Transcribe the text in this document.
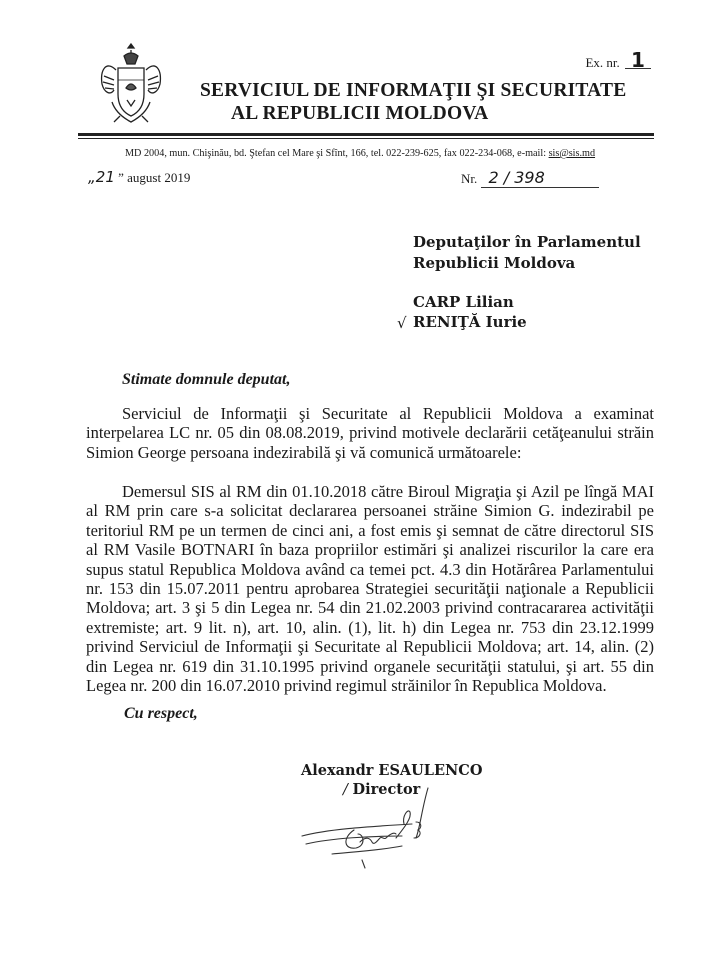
Ex. nr. 1
SERVICIUL DE INFORMAŢII ŞI SECURITATE
AL REPUBLICII MOLDOVA
MD 2004, mun. Chişinău, bd. Ştefan cel Mare şi Sfînt, 166, tel. 022-239-625, fax 022-234-068, e-mail: sis@sis.md
„21 ” august 2019	Nr. 2 / 398
Deputaţilor în Parlamentul
Republicii Moldova
CARP Lilian
√ RENIŢĂ Iurie
Stimate domnule deputat,
Serviciul de Informaţii şi Securitate al Republicii Moldova a examinat interpelarea LC nr. 05 din 08.08.2019, privind motivele declarării cetăţeanului străin Simion George persoana indezirabilă şi vă comunică următoarele:
Demersul SIS al RM din 01.10.2018 către Biroul Migraţia şi Azil pe lîngă MAI al RM prin care s-a solicitat declararea persoanei străine Simion G. indezirabil pe teritoriul RM pe un termen de cinci ani, a fost emis şi semnat de către directorul SIS al RM Vasile BOTNARI în baza propriilor estimări şi analizei riscurilor la care era supus statul Republica Moldova având ca temei pct. 4.3 din Hotărârea Parlamentului nr. 153 din 15.07.2011 pentru aprobarea Strategiei securităţii naţionale a Republicii Moldova; art. 3 şi 5 din Legea nr. 54 din 21.02.2003 privind contracararea activităţii extremiste; art. 9 lit. n), art. 10, alin. (1), lit. h) din Legea nr. 753 din 23.12.1999 privind Serviciul de Informaţii şi Securitate al Republicii Moldova; art. 14, alin. (2) din Legea nr. 619 din 31.10.1995 privind organele securităţii statului, şi art. 55 din Legea nr. 200 din 16.07.2010 privind regimul străinilor în Republica Moldova.
Cu respect,
Alexandr ESAULENCO
/ Director
